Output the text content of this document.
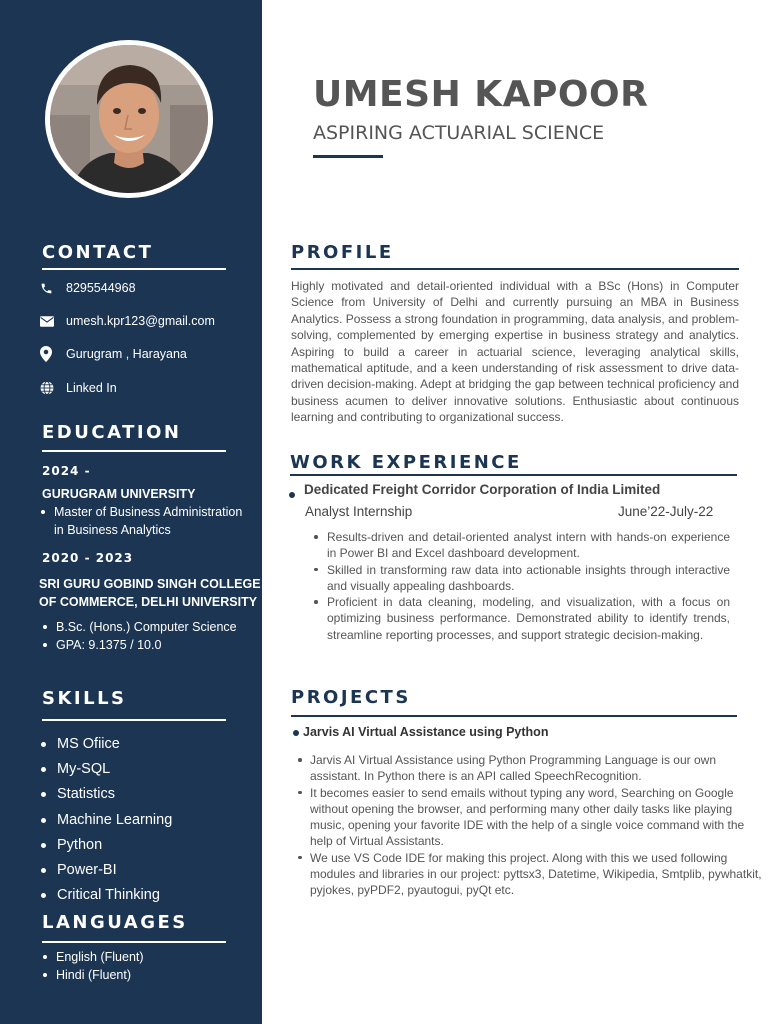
CONTACT
8295544968
umesh.kpr123@gmail.com
Gurugram , Harayana
Linked In
EDUCATION
2024 -
GURUGRAM UNIVERSITY
Master of Business Administration in Business Analytics
2020 - 2023
SRI GURU GOBIND SINGH COLLEGE OF COMMERCE, DELHI UNIVERSITY
B.Sc. (Hons.) Computer Science
GPA: 9.1375 / 10.0
SKILLS
MS Ofiice
My-SQL
Statistics
Machine Learning
Python
Power-BI
Critical Thinking
LANGUAGES
English (Fluent)
Hindi (Fluent)
UMESH KAPOOR
ASPIRING ACTUARIAL SCIENCE
PROFILE

Highly motivated and detail-oriented individual with a BSc (Hons) in Computer Science from University of Delhi and currently pursuing an MBA in Business Analytics. Possess a strong foundation in programming, data analysis, and problem-solving, complemented by emerging expertise in business strategy and analytics. Aspiring to build a career in actuarial science, leveraging analytical skills, mathematical aptitude, and a keen understanding of risk assessment to drive data-driven decision-making. Adept at bridging the gap between technical proficiency and business acumen to deliver innovative solutions. Enthusiastic about continuous learning and contributing to organizational success.

WORK EXPERIENCE
Dedicated Freight Corridor Corporation of India Limited
Analyst Internship	June’22-July-22
Results-driven and detail-oriented analyst intern with hands-on experience in Power BI and Excel dashboard development.
Skilled in transforming raw data into actionable insights through interactive and visually appealing dashboards.
Proficient in data cleaning, modeling, and visualization, with a focus on optimizing business performance. Demonstrated ability to identify trends, streamline reporting processes, and support strategic decision-making.
PROJECTS
Jarvis AI Virtual Assistance using Python
Jarvis AI Virtual Assistance using Python Programming Language is our own assistant. In Python there is an API called SpeechRecognition.
It becomes easier to send emails without typing any word, Searching on Google without opening the browser, and performing many other daily tasks like playing music, opening your favorite IDE with the help of a single voice command with the help of Virtual Assistants.
We use VS Code IDE for making this project. Along with this we used following modules and libraries in our project: pyttsx3, Datetime, Wikipedia, Smtplib, pywhatkit, pyjokes, pyPDF2, pyautogui, pyQt etc.
